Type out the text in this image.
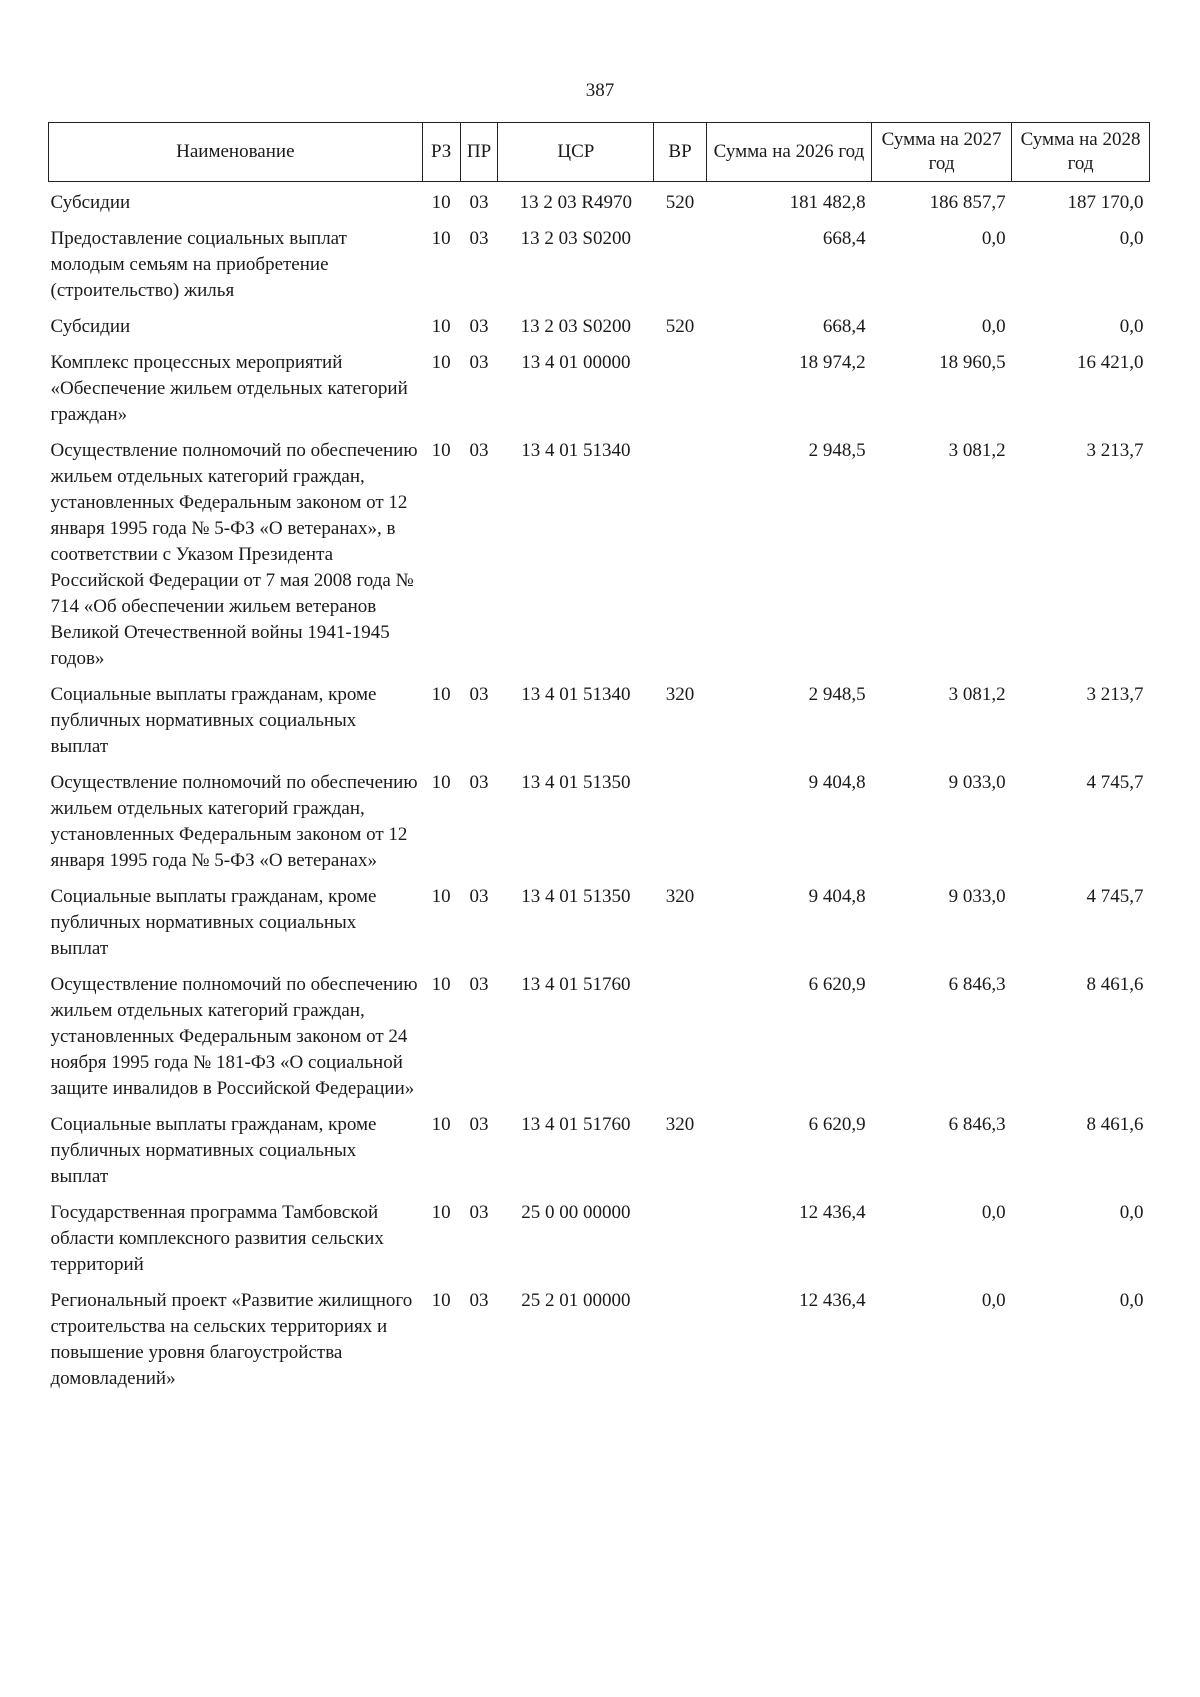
387
Наименование	РЗ	ПР	ЦСР	ВР	Сумма на 2026 год	Сумма на 2027 год	Сумма на 2028 год
Субсидии	10	03	13 2 03 R4970	520	181 482,8	186 857,7	187 170,0
Предоставление социальных выплат молодым семьям на приобретение (строительство) жилья	10	03	13 2 03 S0200		668,4	0,0	0,0
Субсидии	10	03	13 2 03 S0200	520	668,4	0,0	0,0
Комплекс процессных мероприятий «Обеспечение жильем отдельных категорий граждан»	10	03	13 4 01 00000		18 974,2	18 960,5	16 421,0
Осуществление полномочий по обеспечению жильем отдельных категорий граждан, установленных Федеральным законом от 12 января 1995 года № 5-ФЗ «О ветеранах», в соответствии с Указом Президента Российской Федерации от 7 мая 2008 года № 714 «Об обеспечении жильем ветеранов Великой Отечественной войны 1941-1945 годов»	10	03	13 4 01 51340		2 948,5	3 081,2	3 213,7
Социальные выплаты гражданам, кроме публичных нормативных социальных выплат	10	03	13 4 01 51340	320	2 948,5	3 081,2	3 213,7
Осуществление полномочий по обеспечению жильем отдельных категорий граждан, установленных Федеральным законом от 12 января 1995 года № 5-ФЗ «О ветеранах»	10	03	13 4 01 51350		9 404,8	9 033,0	4 745,7
Социальные выплаты гражданам, кроме публичных нормативных социальных выплат	10	03	13 4 01 51350	320	9 404,8	9 033,0	4 745,7
Осуществление полномочий по обеспечению жильем отдельных категорий граждан, установленных Федеральным законом от 24 ноября 1995 года № 181-ФЗ «О социальной защите инвалидов в Российской Федерации»	10	03	13 4 01 51760		6 620,9	6 846,3	8 461,6
Социальные выплаты гражданам, кроме публичных нормативных социальных выплат	10	03	13 4 01 51760	320	6 620,9	6 846,3	8 461,6
Государственная программа Тамбовской области комплексного развития сельских территорий	10	03	25 0 00 00000		12 436,4	0,0	0,0
Региональный проект «Развитие жилищного строительства на сельских территориях и повышение уровня благоустройства домовладений»	10	03	25 2 01 00000		12 436,4	0,0	0,0
